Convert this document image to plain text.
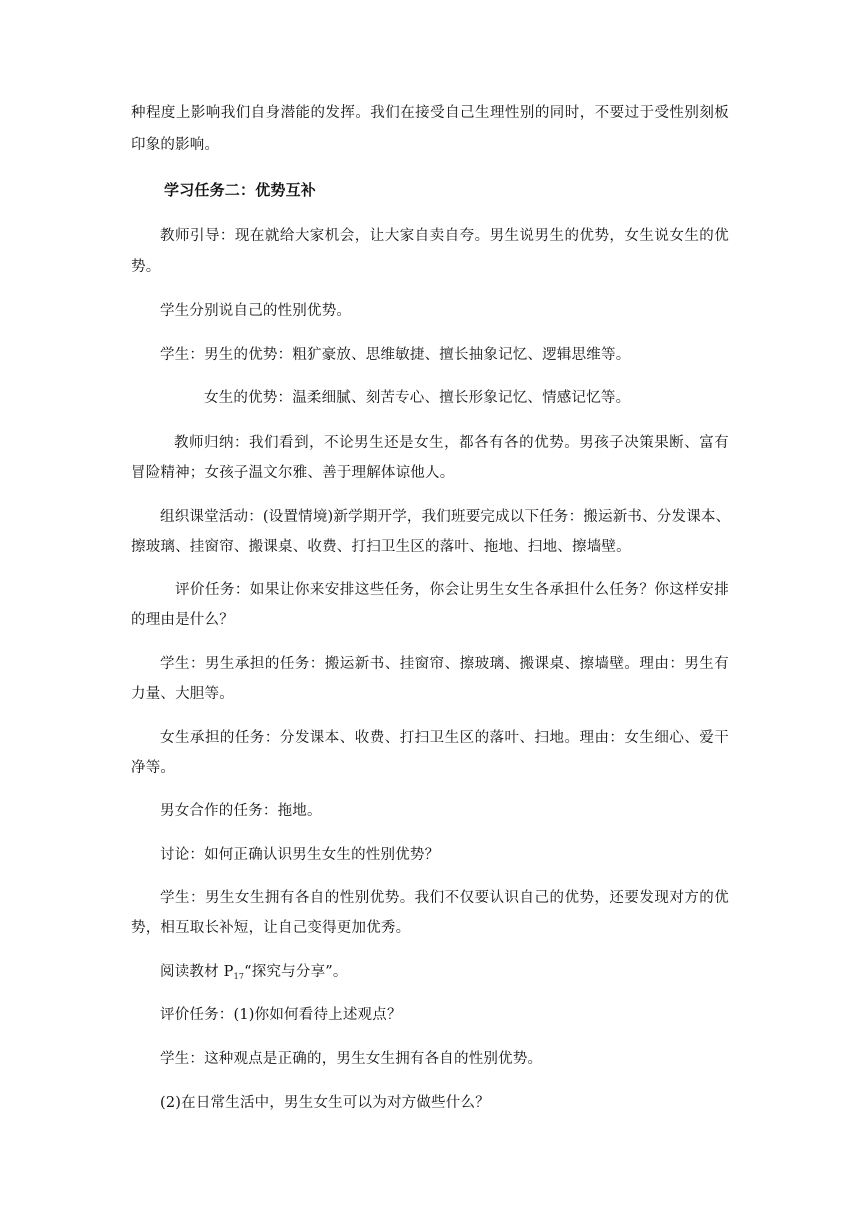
种程度上影响我们自身潜能的发挥。我们在接受自己生理性别的同时，不要过于受性别刻板
印象的影响。
学习任务二：优势互补
教师引导：现在就给大家机会，让大家自卖自夸。男生说男生的优势，女生说女生的优
势。
学生分别说自己的性别优势。
学生：男生的优势：粗犷豪放、思维敏捷、擅长抽象记忆、逻辑思维等。
女生的优势：温柔细腻、刻苦专心、擅长形象记忆、情感记忆等。
教师归纳：我们看到，不论男生还是女生，都各有各的优势。男孩子决策果断、富有
冒险精神；女孩子温文尔雅、善于理解体谅他人。
组织课堂活动：(设置情境)新学期开学，我们班要完成以下任务：搬运新书、分发课本、
擦玻璃、挂窗帘、搬课桌、收费、打扫卫生区的落叶、拖地、扫地、擦墙壁。
评价任务：如果让你来安排这些任务，你会让男生女生各承担什么任务？你这样安排
的理由是什么？
学生：男生承担的任务：搬运新书、挂窗帘、擦玻璃、搬课桌、擦墙壁。理由：男生有
力量、大胆等。
女生承担的任务：分发课本、收费、打扫卫生区的落叶、扫地。理由：女生细心、爱干
净等。
男女合作的任务：拖地。
讨论：如何正确认识男生女生的性别优势？
学生：男生女生拥有各自的性别优势。我们不仅要认识自己的优势，还要发现对方的优
势，相互取长补短，让自己变得更加优秀。
阅读教材 $P_{17}“$探究与分享”。
评价任务：(1)你如何看待上述观点？
学生：这种观点是正确的，男生女生拥有各自的性别优势。
(2)在日常生活中，男生女生可以为对方做些什么？
